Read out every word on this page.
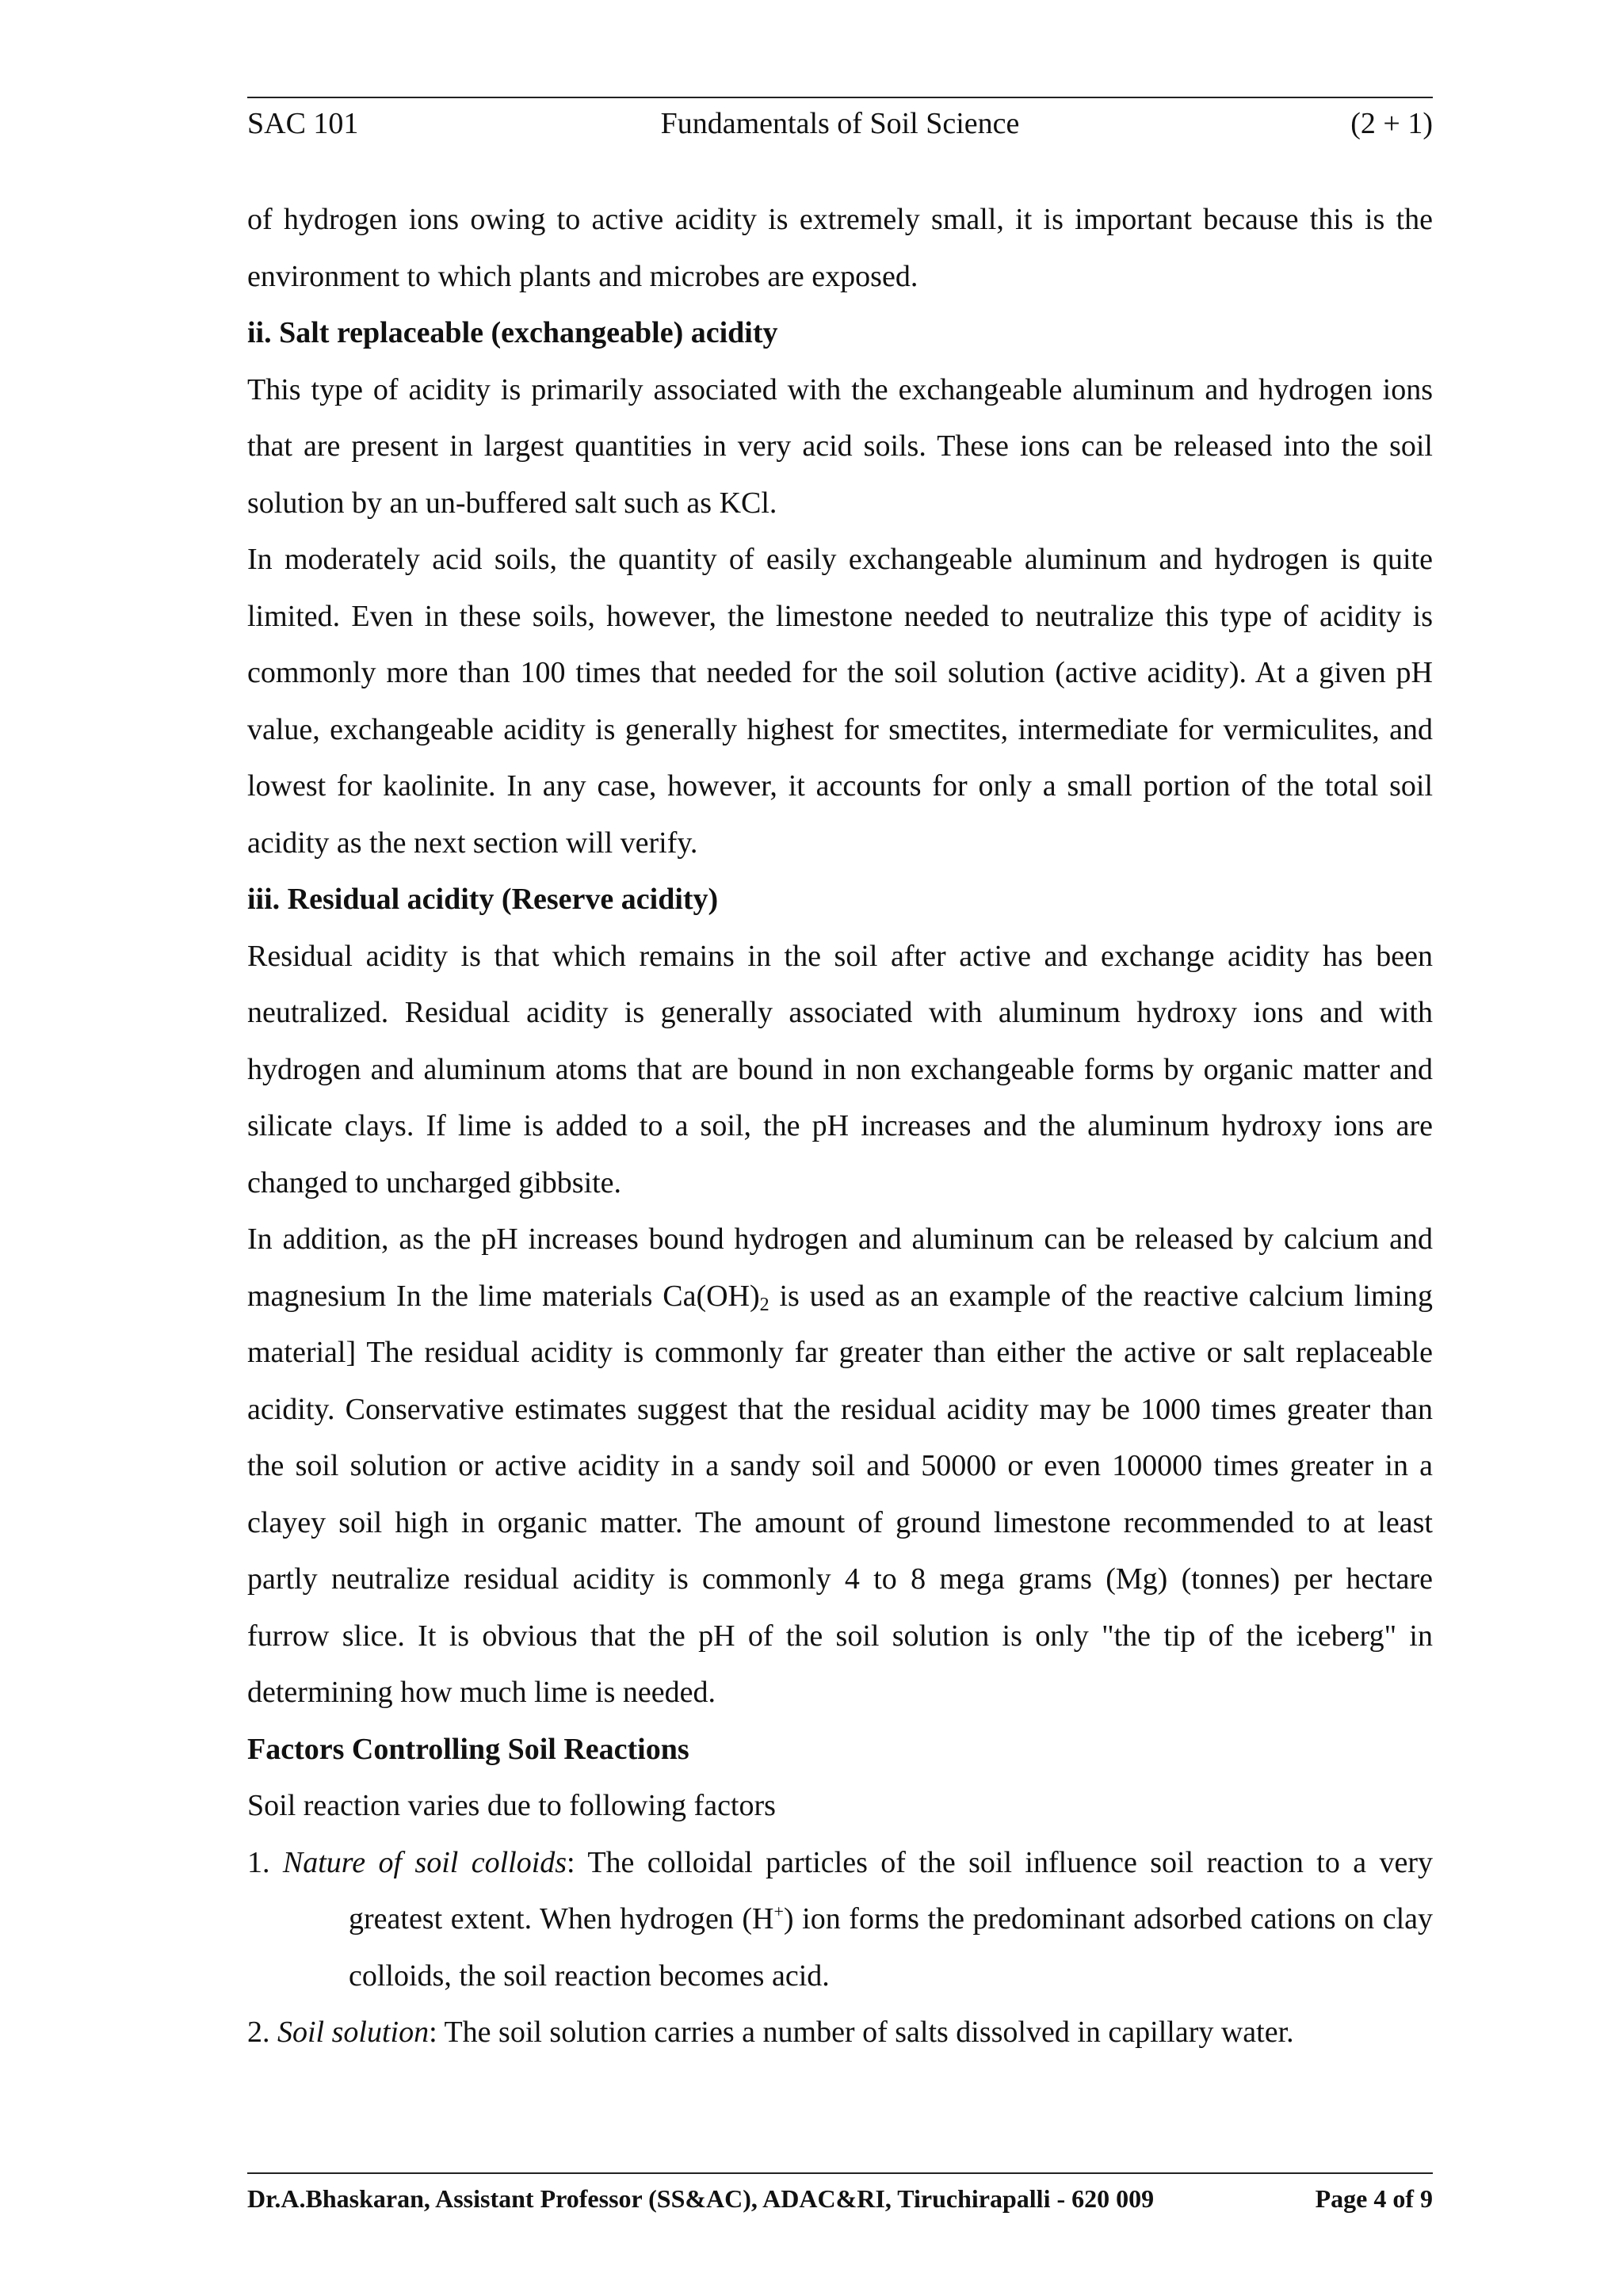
SAC 101	Fundamentals of Soil Science	(2 + 1)

of hydrogen ions owing to active acidity is extremely small, it is important because this is the environment to which plants and microbes are exposed.

ii. Salt replaceable (exchangeable) acidity

This type of acidity is primarily associated with the exchangeable aluminum and hydrogen ions that are present in largest quantities in very acid soils. These ions can be released into the soil solution by an un-buffered salt such as KCl.

In moderately acid soils, the quantity of easily exchangeable aluminum and hydrogen is quite limited. Even in these soils, however, the limestone needed to neutralize this type of acidity is commonly more than 100 times that needed for the soil solution (active acidity). At a given pH value, exchangeable acidity is generally highest for smectites, intermediate for vermiculites, and lowest for kaolinite. In any case, however, it accounts for only a small portion of the total soil acidity as the next section will verify.

iii. Residual acidity (Reserve acidity)

Residual acidity is that which remains in the soil after active and exchange acidity has been neutralized. Residual acidity is generally associated with aluminum hydroxy ions and with hydrogen and aluminum atoms that are bound in non exchangeable forms by organic matter and silicate clays. If lime is added to a soil, the pH increases and the aluminum hydroxy ions are changed to uncharged gibbsite.

In addition, as the pH increases bound hydrogen and aluminum can be released by calcium and magnesium In the lime materials $Ca(OH)_2$ is used as an example of the reactive calcium liming material] The residual acidity is commonly far greater than either the active or salt replaceable acidity. Conservative estimates suggest that the residual acidity may be 1000 times greater than the soil solution or active acidity in a sandy soil and 50000 or even 100000 times greater in a clayey soil high in organic matter. The amount of ground limestone recommended to at least partly neutralize residual acidity is commonly 4 to 8 mega grams (Mg) (tonnes) per hectare furrow slice. It is obvious that the pH of the soil solution is only "the tip of the iceberg" in determining how much lime is needed.

Factors Controlling Soil Reactions

Soil reaction varies due to following factors

1. Nature of soil colloids: The colloidal particles of the soil influence soil reaction to a very greatest extent. When hydrogen (H+) ion forms the predominant adsorbed cations on clay colloids, the soil reaction becomes acid.

2. Soil solution: The soil solution carries a number of salts dissolved in capillary water.

Dr.A.Bhaskaran, Assistant Professor (SS&AC), ADAC&RI, Tiruchirapalli - 620 009	Page 4 of 9
